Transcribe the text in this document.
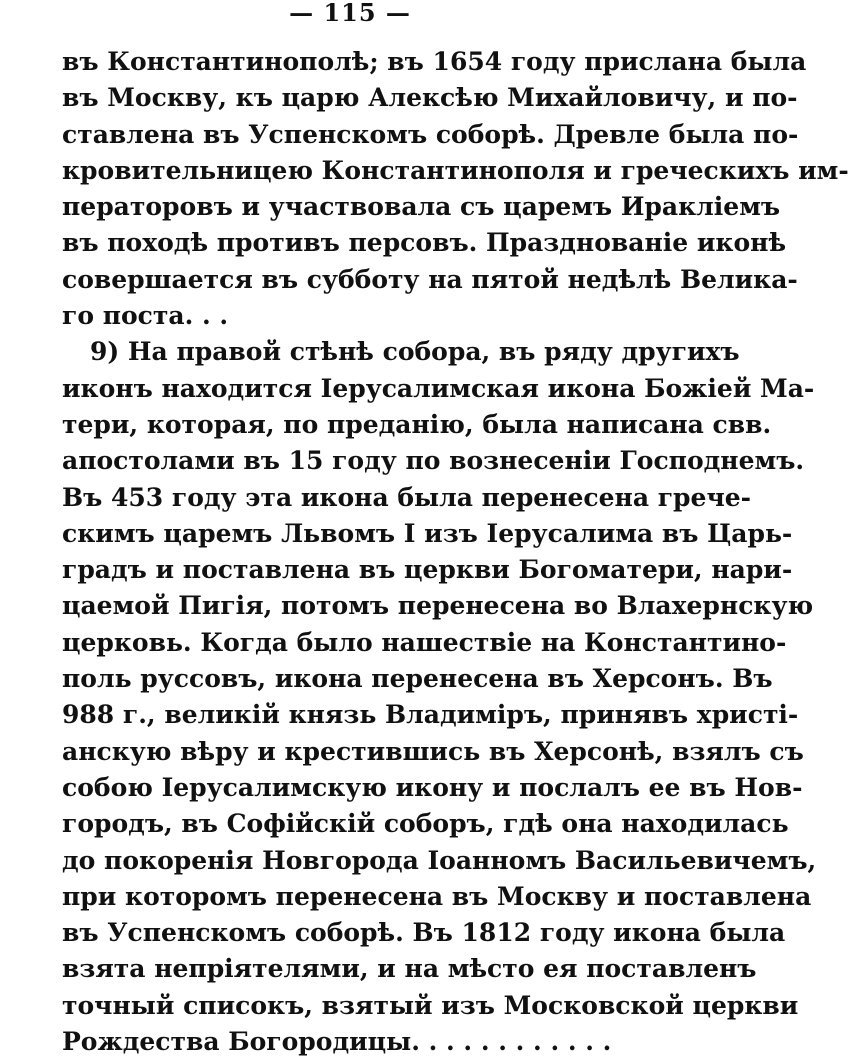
— 115 —
въ Константинополѣ; въ 1654 году прислана была
въ Москву, къ царю Алексѣю Михайловичу, и по-
ставлена въ Успенскомъ соборѣ. Древле была по-
кровительницею Константинополя и греческихъ им-
ператоровъ и участвовала съ царемъ Иракліемъ
въ походѣ противъ персовъ. Празднованіе иконѣ
совершается въ субботу на пятой недѣлѣ Велика-
го поста. . .
9) На правой стѣнѣ собора, въ ряду другихъ
иконъ находится Іерусалимская икона Божіей Ма-
тери, которая, по преданію, была написана свв.
апостолами въ 15 году по вознесеніи Господнемъ.
Въ 453 году эта икона была перенесена грече-
скимъ царемъ Львомъ I изъ Іерусалима въ Царь-
градъ и поставлена въ церкви Богоматери, нари-
цаемой Пигія, потомъ перенесена во Влахернскую
церковь. Когда было нашествіе на Константино-
поль руссовъ, икона перенесена въ Херсонъ. Въ
988 г., великій князь Владиміръ, принявъ христі-
анскую вѣру и крестившись въ Херсонѣ, взялъ съ
собою Іерусалимскую икону и послалъ ее въ Нов-
городъ, въ Софійскій соборъ, гдѣ она находилась
до покоренія Новгорода Іоанномъ Васильевичемъ,
при которомъ перенесена въ Москву и поставлена
въ Успенскомъ соборѣ. Въ 1812 году икона была
взята непріятелями, и на мѣсто ея поставленъ
точный списокъ, взятый изъ Московской церкви
Рождества Богородицы. . . . . . . . . . . .
